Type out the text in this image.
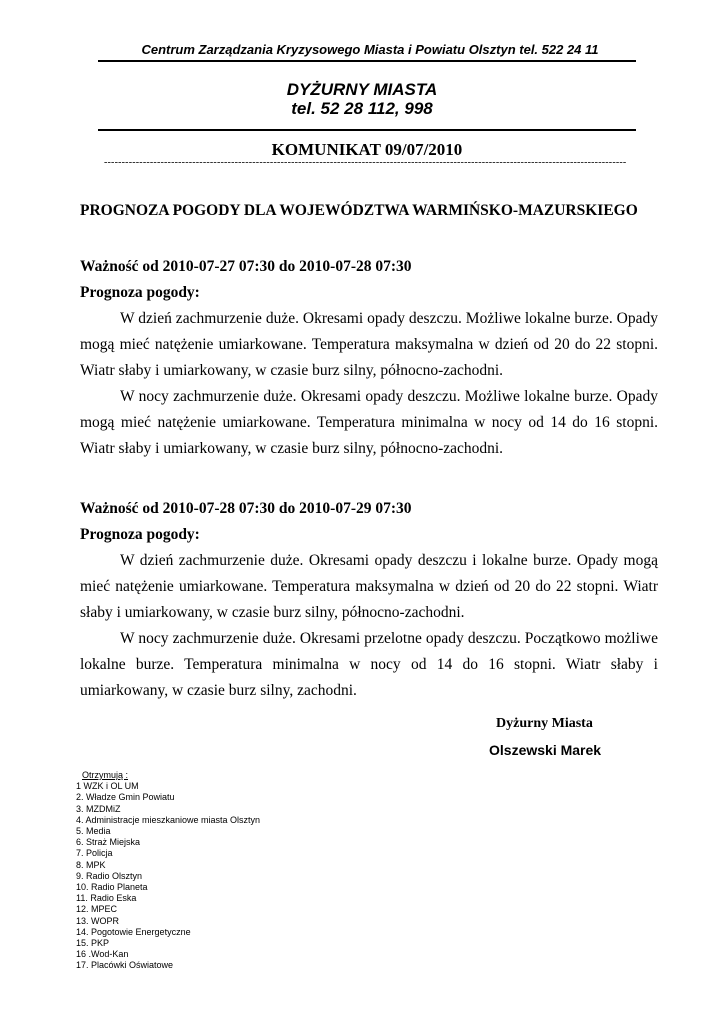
Centrum Zarządzania Kryzysowego Miasta i Powiatu Olsztyn tel. 522 24 11
DYŻURNY MIASTA
tel. 52 28 112, 998
KOMUNIKAT 09/07/2010
----------------------------------------------------------------------------------------------------------------------------------------------------
PROGNOZA POGODY DLA WOJEWÓDZTWA WARMIŃSKO-MAZURSKIEGO
Ważność od 2010-07-27 07:30 do 2010-07-28 07:30
Prognoza pogody:

W dzień zachmurzenie duże. Okresami opady deszczu. Możliwe lokalne burze. Opady mogą mieć natężenie umiarkowane. Temperatura maksymalna w dzień od 20 do 22 stopni. Wiatr słaby i umiarkowany, w czasie burz silny, północno-zachodni.

W nocy zachmurzenie duże. Okresami opady deszczu. Możliwe lokalne burze. Opady mogą mieć natężenie umiarkowane. Temperatura minimalna w nocy od 14 do 16 stopni. Wiatr słaby i umiarkowany, w czasie burz silny, północno-zachodni.

Ważność od 2010-07-28 07:30 do 2010-07-29 07:30
Prognoza pogody:

W dzień zachmurzenie duże. Okresami opady deszczu i lokalne burze. Opady mogą mieć natężenie umiarkowane. Temperatura maksymalna w dzień od 20 do 22 stopni. Wiatr słaby i umiarkowany, w czasie burz silny, północno-zachodni.

W nocy zachmurzenie duże. Okresami przelotne opady deszczu. Początkowo możliwe lokalne burze. Temperatura minimalna w nocy od 14 do 16 stopni. Wiatr słaby i umiarkowany, w czasie burz silny, zachodni.

Dyżurny Miasta
Olszewski Marek
Otrzymują :
1 WZK i OL UM
2. Władze Gmin Powiatu
3. MZDMiZ
4. Administracje mieszkaniowe miasta Olsztyn
5. Media
6. Straż Miejska
7. Policja
8. MPK
9. Radio Olsztyn
10. Radio Planeta
11. Radio Eska
12. MPEC
13. WOPR
14. Pogotowie Energetyczne
15. PKP
16 .Wod-Kan
17. Placówki Oświatowe
